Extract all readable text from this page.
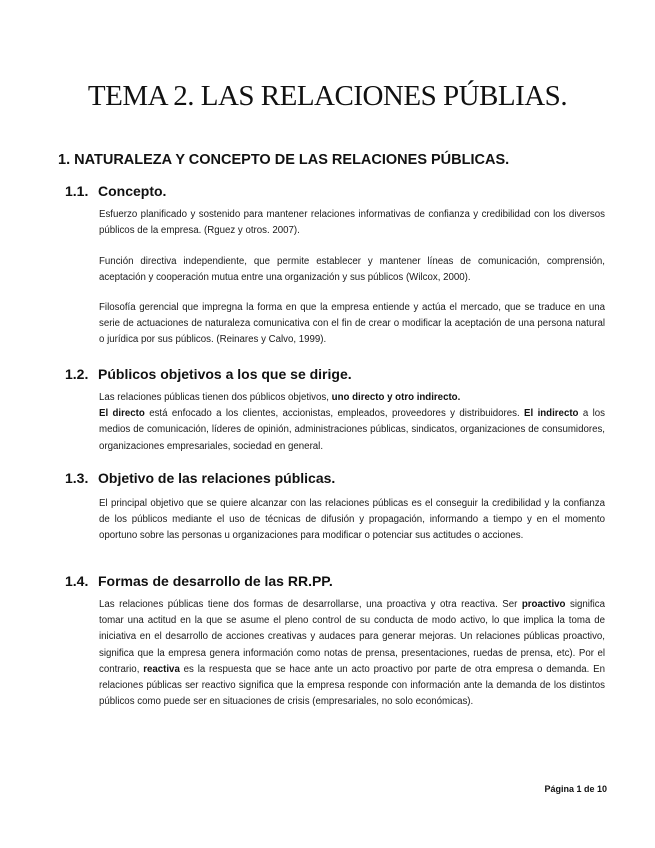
TEMA 2. LAS RELACIONES PÚBLIAS.
1. NATURALEZA Y CONCEPTO DE LAS RELACIONES PÚBLICAS.
1.1. Concepto.
Esfuerzo planificado y sostenido para mantener relaciones informativas de confianza y credibilidad con los diversos públicos de la empresa. (Rguez y otros. 2007).
Función directiva independiente, que permite establecer y mantener líneas de comunicación, comprensión, aceptación y cooperación mutua entre una organización y sus públicos (Wilcox, 2000).
Filosofía gerencial que impregna la forma en que la empresa entiende y actúa el mercado, que se traduce en una serie de actuaciones de naturaleza comunicativa con el fin de crear o modificar la aceptación de una persona natural o jurídica por sus públicos. (Reinares y Calvo, 1999).
1.2. Públicos objetivos a los que se dirige.
Las relaciones públicas tienen dos públicos objetivos, uno directo y otro indirecto.
El directo está enfocado a los clientes, accionistas, empleados, proveedores y distribuidores. El indirecto a los medios de comunicación, líderes de opinión, administraciones públicas, sindicatos, organizaciones de consumidores, organizaciones empresariales, sociedad en general.
1.3. Objetivo de las relaciones públicas.
El principal objetivo que se quiere alcanzar con las relaciones públicas es el conseguir la credibilidad y la confianza de los públicos mediante el uso de técnicas de difusión y propagación, informando a tiempo y en el momento oportuno sobre las personas u organizaciones para modificar o potenciar sus actitudes o acciones.
1.4. Formas de desarrollo de las RR.PP.
Las relaciones públicas tiene dos formas de desarrollarse, una proactiva y otra reactiva. Ser proactivo significa tomar una actitud en la que se asume el pleno control de su conducta de modo activo, lo que implica la toma de iniciativa en el desarrollo de acciones creativas y audaces para generar mejoras. Un relaciones públicas proactivo, significa que la empresa genera información como notas de prensa, presentaciones, ruedas de prensa, etc). Por el contrario, reactiva es la respuesta que se hace ante un acto proactivo por parte de otra empresa o demanda. En relaciones públicas ser reactivo significa que la empresa responde con información ante la demanda de los distintos públicos como puede ser en situaciones de crisis (empresariales, no solo económicas).
Página 1 de 10
